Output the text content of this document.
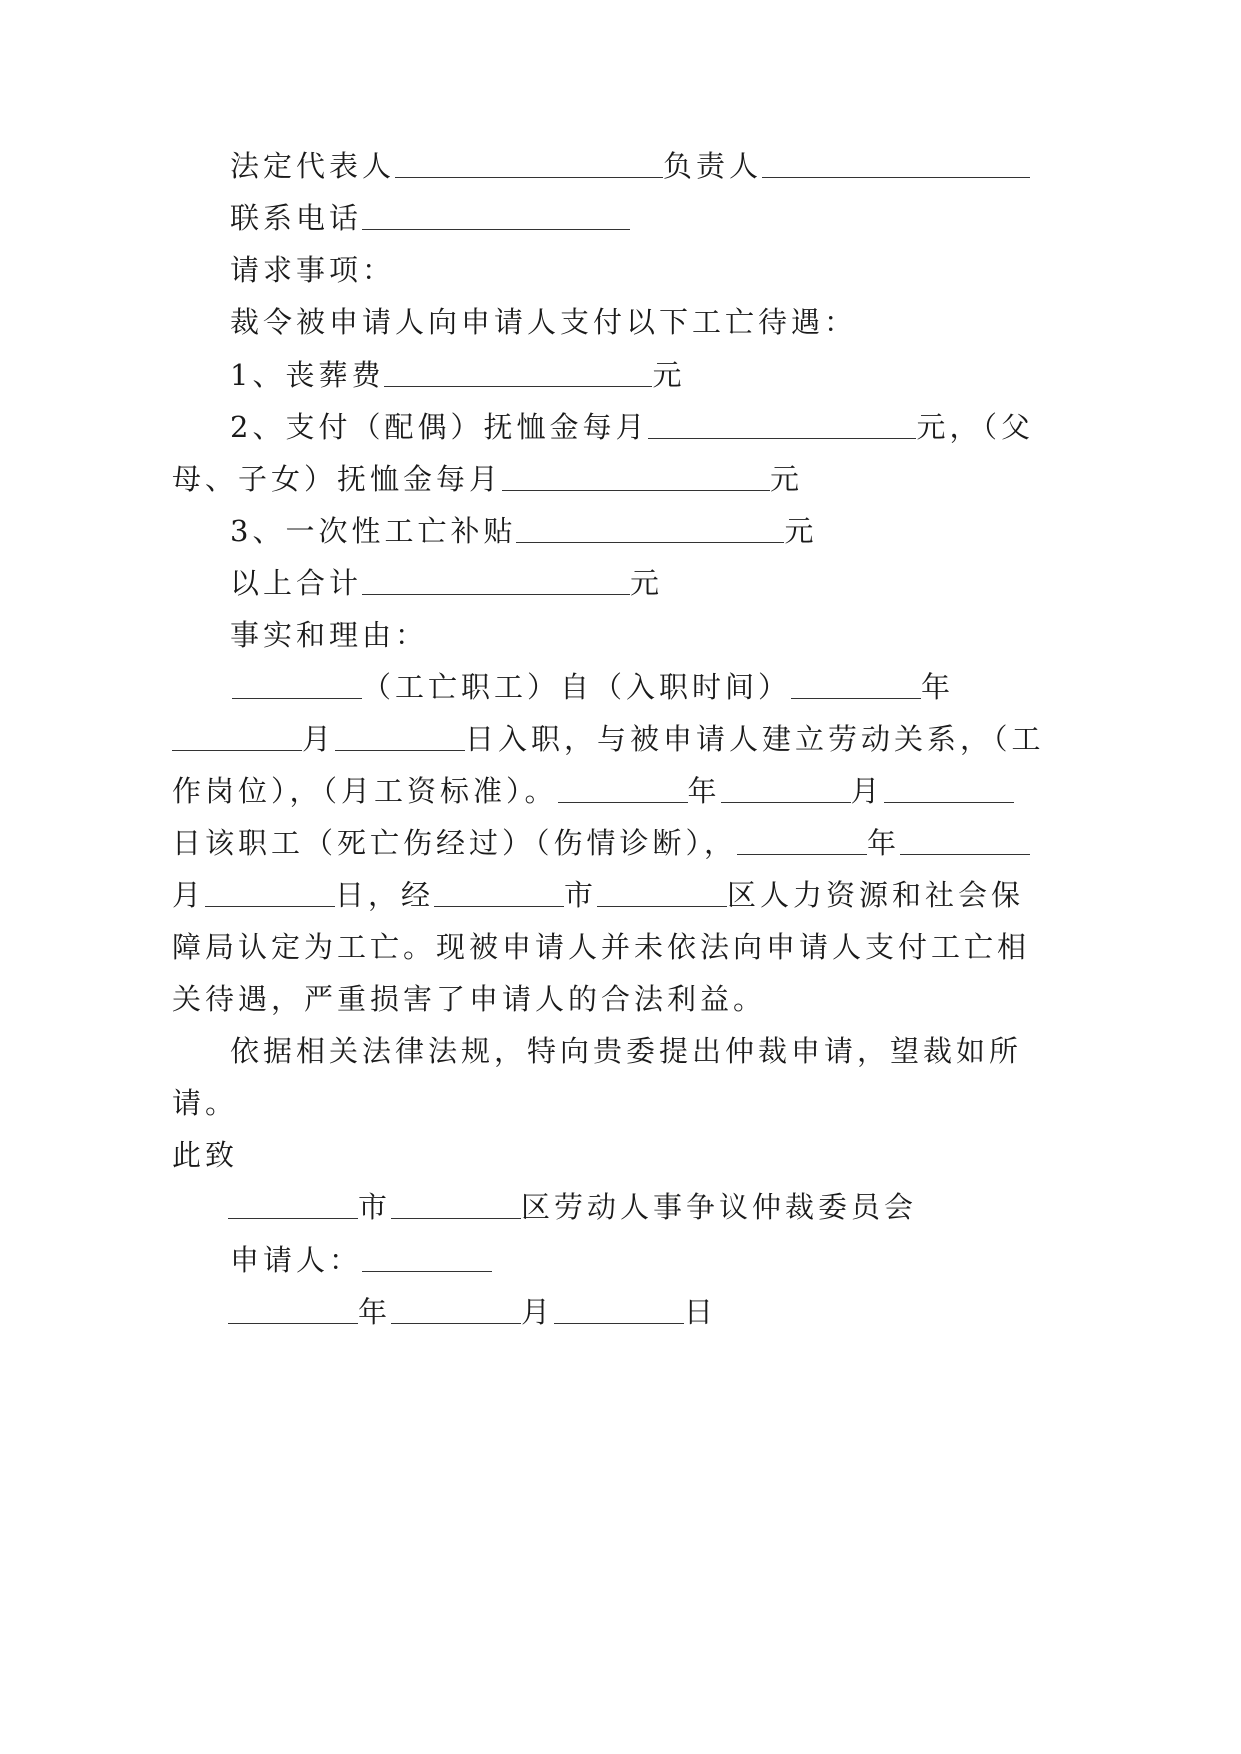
法定代表人	负责人
联系电话
请求事项：
裁令被申请人向申请人支付以下工亡待遇：
1、丧葬费	元
2、支付（配偶）抚恤金每月	元，（父
母、子女）抚恤金每月	元
3、一次性工亡补贴	元
以上合计	元
事实和理由：
（工亡职工）自（入职时间）	年
月	日入职，与被申请人建立劳动关系，（工
作岗位），（月工资标准）。	年	月
日该职工（死亡伤经过）（伤情诊断），	年
月	日，经	市	区人力资源和社会保
障局认定为工亡。现被申请人并未依法向申请人支付工亡相
关待遇，严重损害了申请人的合法利益。
依据相关法律法规，特向贵委提出仲裁申请，望裁如所
请。
此致
市	区劳动人事争议仲裁委员会
申请人：
年	月	日
